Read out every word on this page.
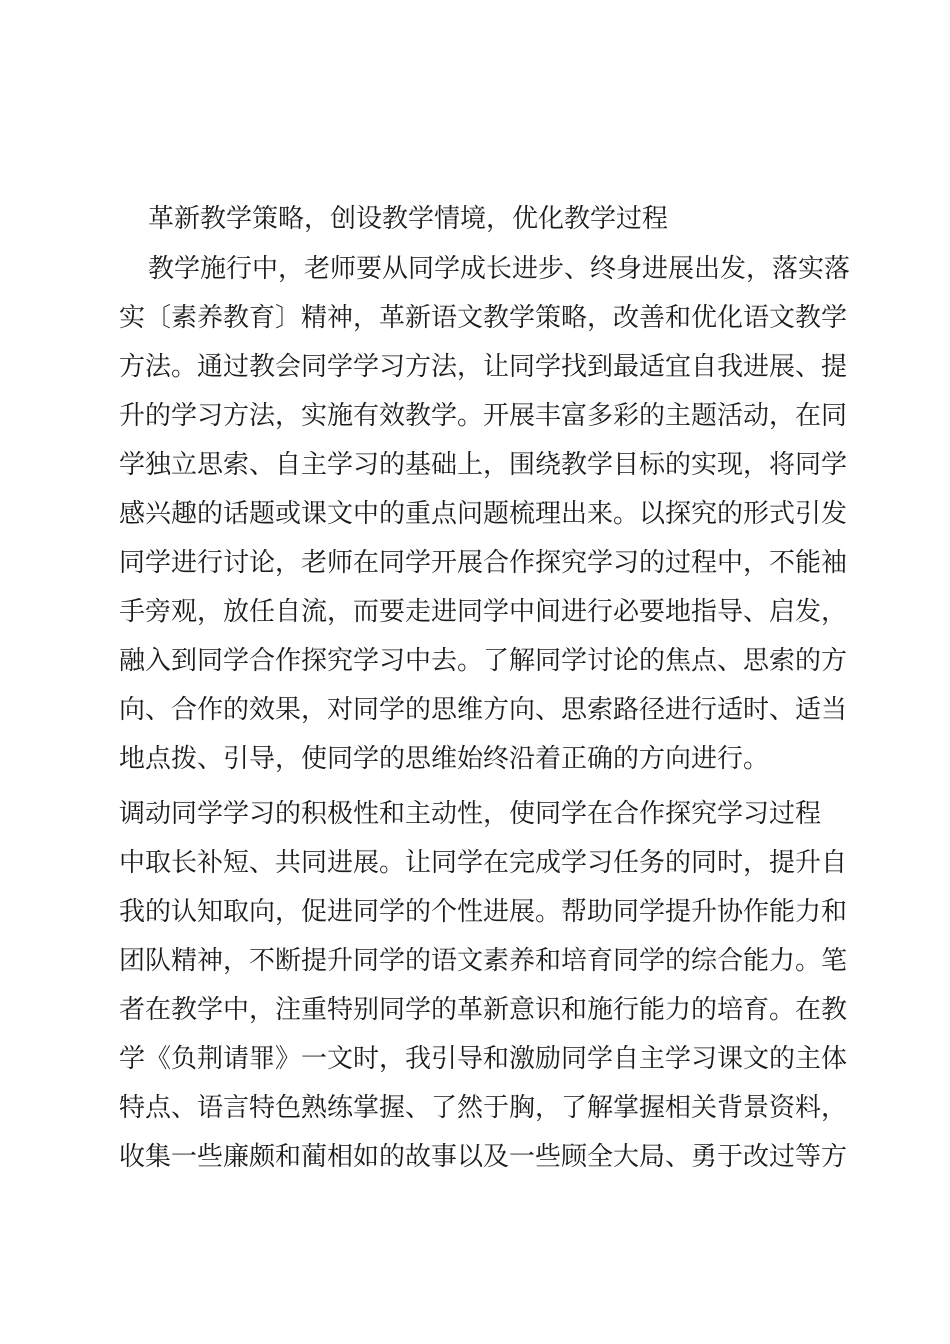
革新教学策略，创设教学情境，优化教学过程

教学施行中，老师要从同学成长进步、终身进展出发，落实落

实〔素养教育〕精神，革新语文教学策略，改善和优化语文教学

方法。通过教会同学学习方法，让同学找到最适宜自我进展、提

升的学习方法，实施有效教学。开展丰富多彩的主题活动，在同

学独立思索、自主学习的基础上，围绕教学目标的实现，将同学

感兴趣的话题或课文中的重点问题梳理出来。以探究的形式引发

同学进行讨论，老师在同学开展合作探究学习的过程中，不能袖

手旁观，放任自流，而要走进同学中间进行必要地指导、启发，

融入到同学合作探究学习中去。了解同学讨论的焦点、思索的方

向、合作的效果，对同学的思维方向、思索路径进行适时、适当

地点拨、引导，使同学的思维始终沿着正确的方向进行。

调动同学学习的积极性和主动性，使同学在合作探究学习过程

中取长补短、共同进展。让同学在完成学习任务的同时，提升自

我的认知取向，促进同学的个性进展。帮助同学提升协作能力和

团队精神，不断提升同学的语文素养和培育同学的综合能力。笔

者在教学中，注重特别同学的革新意识和施行能力的培育。在教

学《负荆请罪》一文时，我引导和激励同学自主学习课文的主体

特点、语言特色熟练掌握、了然于胸，了解掌握相关背景资料，

收集一些廉颇和蔺相如的故事以及一些顾全大局、勇于改过等方
